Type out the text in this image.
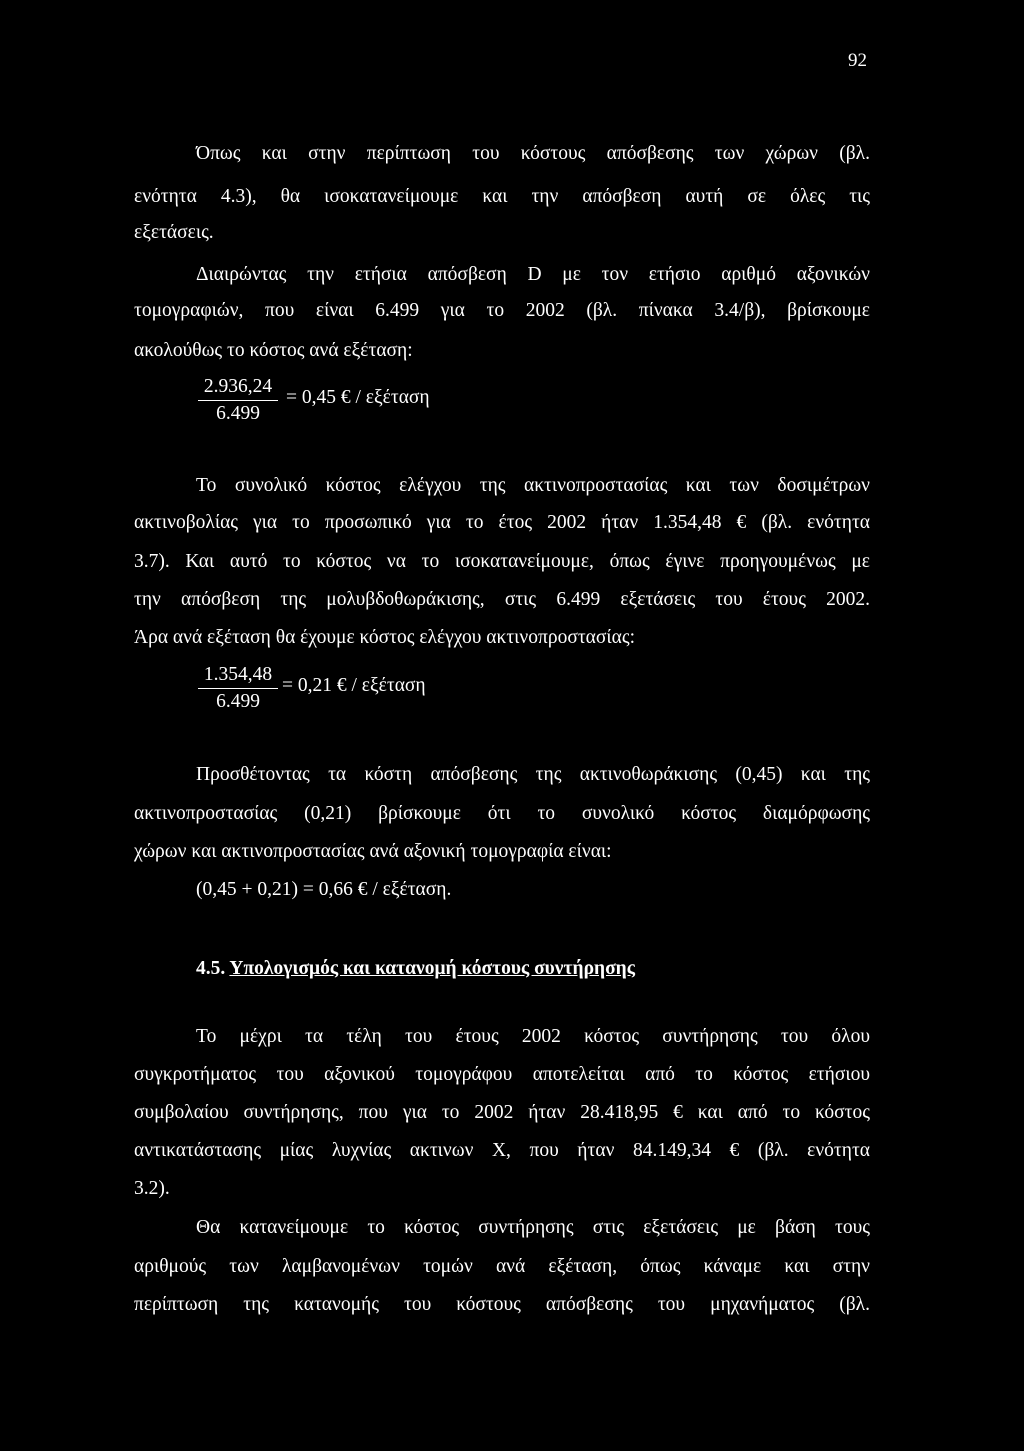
92
Όπως και στην περίπτωση του κόστους απόσβεσης των χώρων (βλ.
ενότητα 4.3), θα ισοκατανείμουμε και την απόσβεση αυτή σε όλες τις
εξετάσεις.
Διαιρώντας την ετήσια απόσβεση D με τον ετήσιο αριθμό αξονικών
τομογραφιών, που είναι 6.499 για το 2002 (βλ. πίνακα 3.4/β), βρίσκουμε
ακολούθως το κόστος ανά εξέταση:
2.936,24
6.499
= 0,45 € / εξέταση
Το συνολικό κόστος ελέγχου της ακτινοπροστασίας και των δοσιμέτρων
ακτινοβολίας για το προσωπικό για το έτος 2002 ήταν 1.354,48 € (βλ. ενότητα
3.7). Και αυτό το κόστος να το ισοκατανείμουμε, όπως έγινε προηγουμένως με
την απόσβεση της μολυβδοθωράκισης, στις 6.499 εξετάσεις του έτους 2002.
Άρα ανά εξέταση θα έχουμε κόστος ελέγχου ακτινοπροστασίας:
1.354,48
6.499
= 0,21 € / εξέταση
Προσθέτοντας τα κόστη απόσβεσης της ακτινοθωράκισης (0,45) και της
ακτινοπροστασίας (0,21) βρίσκουμε ότι το συνολικό κόστος διαμόρφωσης
χώρων και ακτινοπροστασίας ανά αξονική τομογραφία είναι:
(0,45 + 0,21) = 0,66 € / εξέταση.
4.5. Υπολογισμός και κατανομή κόστους συντήρησης
Το μέχρι τα τέλη του έτους 2002 κόστος συντήρησης του όλου
συγκροτήματος του αξονικού τομογράφου αποτελείται από το κόστος ετήσιου
συμβολαίου συντήρησης, που για το 2002 ήταν 28.418,95 € και από το κόστος
αντικατάστασης μίας λυχνίας ακτινων Χ, που ήταν 84.149,34 € (βλ. ενότητα
3.2).
Θα κατανείμουμε το κόστος συντήρησης στις εξετάσεις με βάση τους
αριθμούς των λαμβανομένων τομών ανά εξέταση, όπως κάναμε και στην
περίπτωση της κατανομής του κόστους απόσβεσης του μηχανήματος (βλ.
